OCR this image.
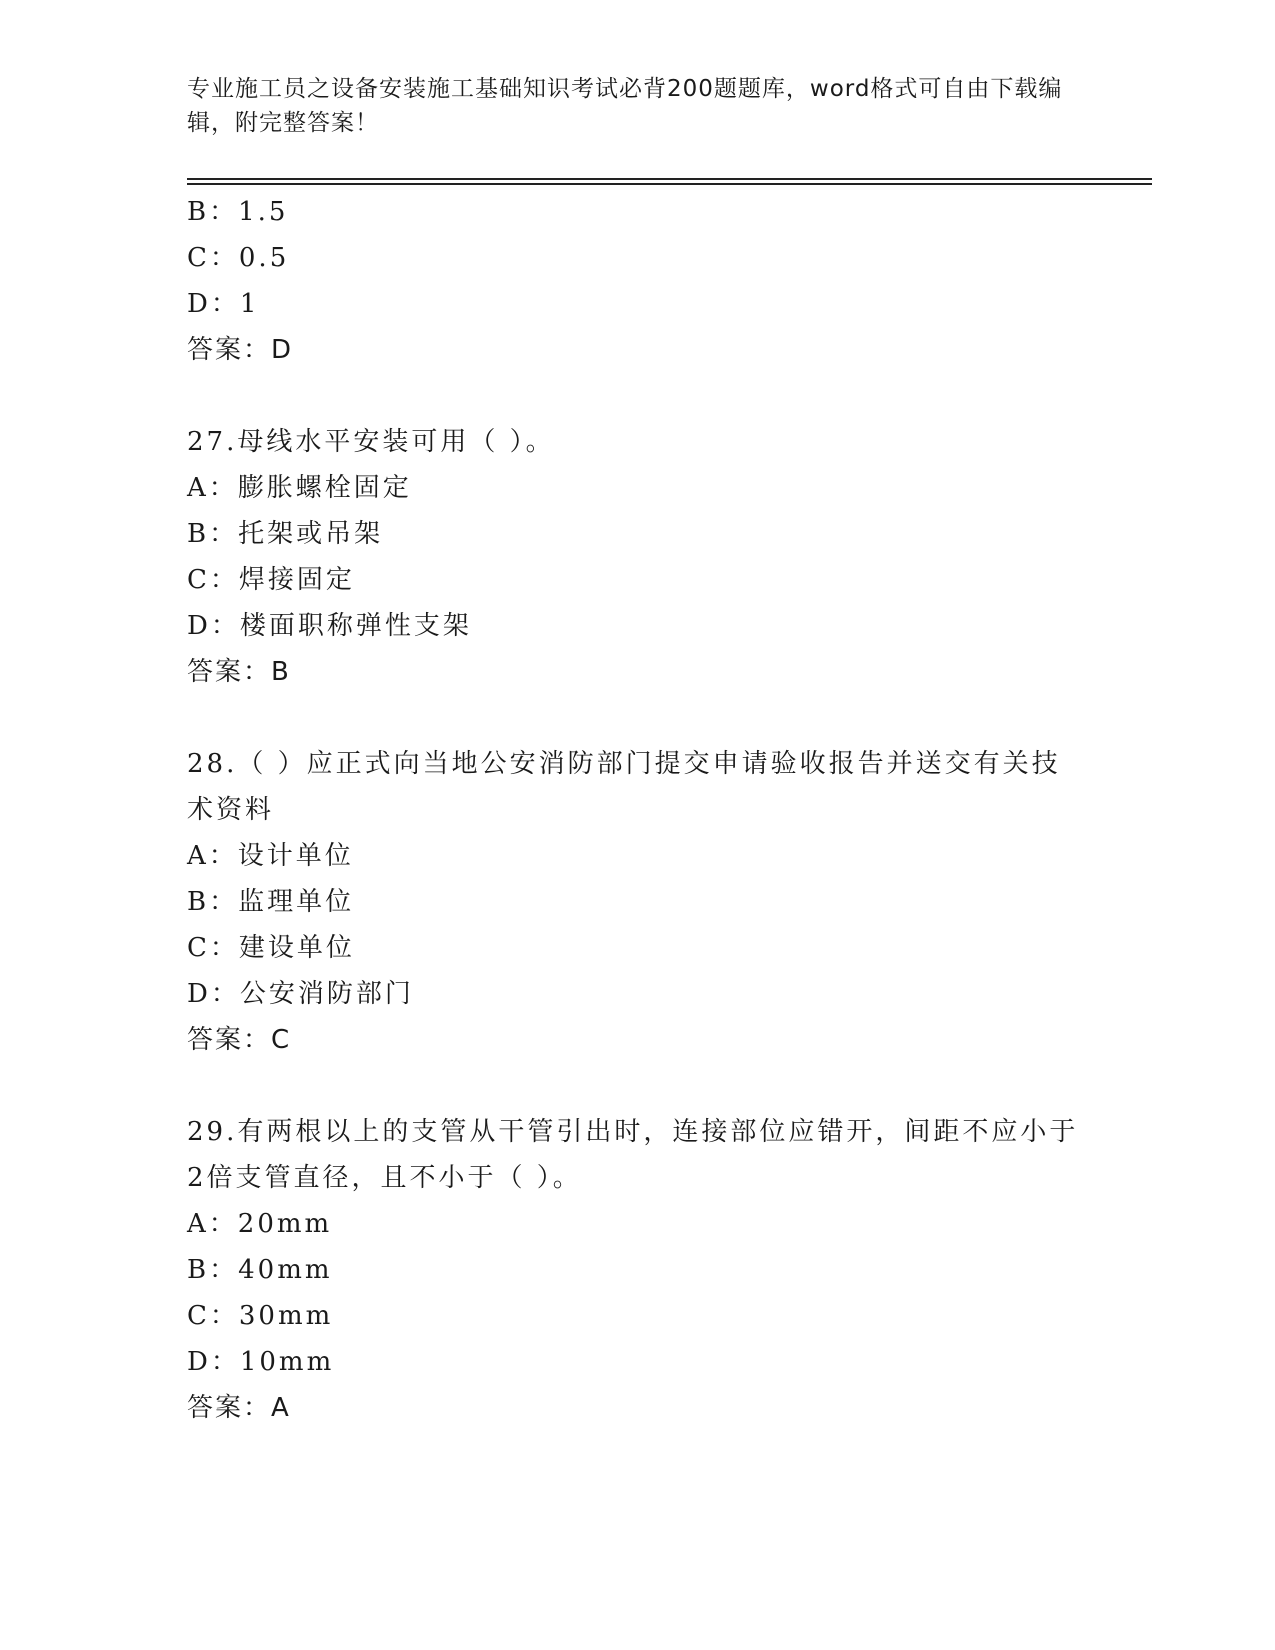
专业施工员之设备安装施工基础知识考试必背200题题库，word格式可自由下载编辑，附完整答案！
B：1.5
C：0.5
D：1
答案：D
27.母线水平安装可用（ ）。
A：膨胀螺栓固定
B：托架或吊架
C：焊接固定
D：楼面职称弹性支架
答案：B
28.（ ）应正式向当地公安消防部门提交申请验收报告并送交有关技术资料
A：设计单位
B：监理单位
C：建设单位
D：公安消防部门
答案：C
29.有两根以上的支管从干管引出时，连接部位应错开，间距不应小于2倍支管直径，且不小于（ ）。
A：20mm
B：40mm
C：30mm
D：10mm
答案：A
